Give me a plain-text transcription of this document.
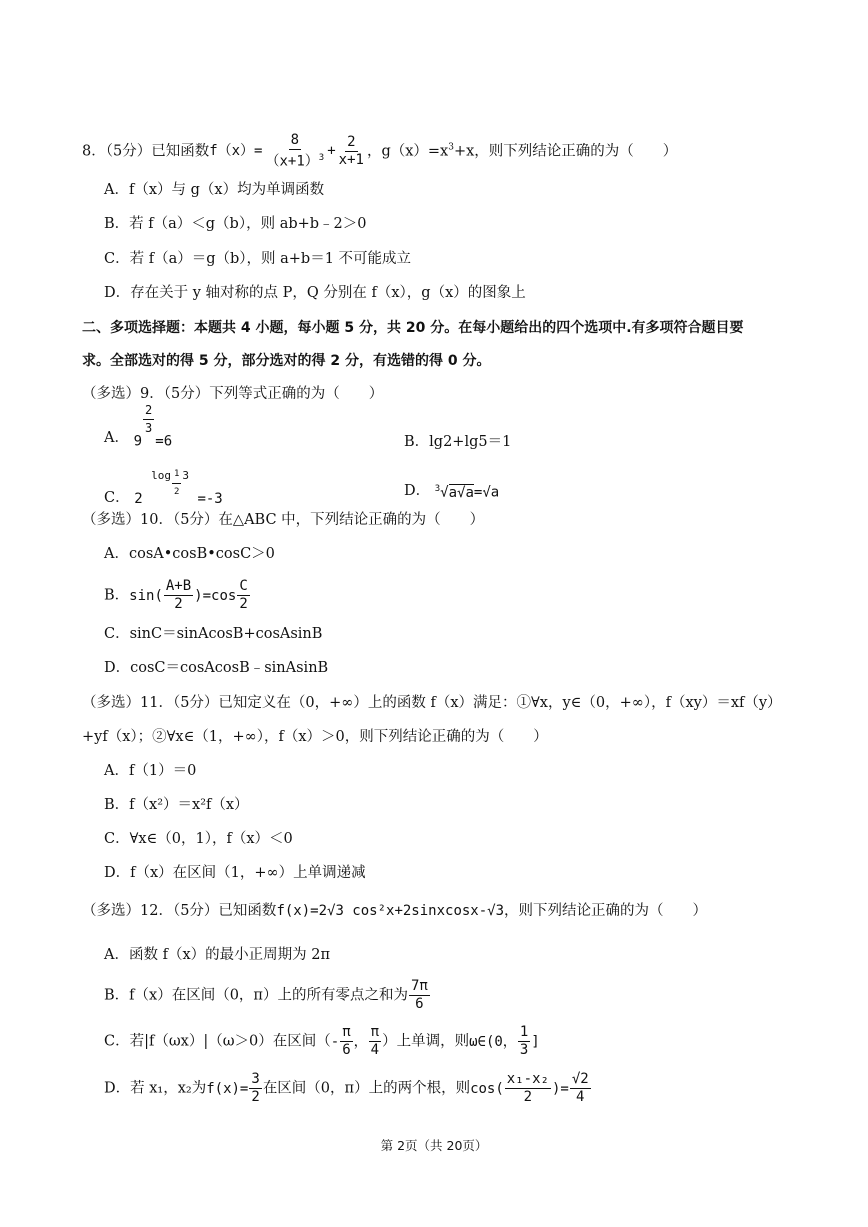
8．（5分）已知函数$f(x)= \frac{8}{(x+1)^3} + \frac{2}{x+1}$ ，$g(x)=x^3+x$，则下列结论正确的为（　　）
A．f（x）与 g（x）均为单调函数
B．若 f（a）＜g（b），则 ab+b﹣2＞0
C．若 f（a）＝g（b），则 a+b＝1 不可能成立
D．存在关于 y 轴对称的点 P，Q 分别在 f（x），g（x）的图象上
二、多项选择题：本题共 4 小题，每小题 5 分，共 20 分。在每小题给出的四个选项中.有多项符合题目要
求。全部选对的得 5 分，部分选对的得 2 分，有选错的得 0 分。
（多选）9．（5分）下列等式正确的为（　　）
A． 9
$\frac{2}{3}$
=6	B．lg2+lg5＝1
C． 2 $\log \frac{1}{2} 3 =-3$	D． $^3$√a√a=√a
（多选）10．（5分）在△ABC 中，下列结论正确的为（　　）
A．cosA•cosB•cosC＞0
B．$\sin( \frac{A+B}{2} )=\cos \frac{C}{2}$
C．sinC＝sinAcosB+cosAsinB
D．cosC＝cosAcosB﹣sinAsinB
（多选）11．（5分）已知定义在（0，+∞）上的函数 f（x）满足：①∀x，y∈（0，+∞），f（xy）＝xf（y）
+yf（x）；②∀x∈（1，+∞），f（x）＞0，则下列结论正确的为（　　）
A．f（1）＝0
B．f（x²）＝x²f（x）
C．∀x∈（0，1），f（x）＜0
D．f（x）在区间（1，+∞）上单调递减
（多选）12．（5分）已知函数f(x)=2√3 cos²x+2sinxcosx-√3，则下列结论正确的为（　　）
A．函数 f（x）的最小正周期为 2π
B．f（x）在区间（0，π）上的所有零点之和为 $\frac{7\pi}{6}$
C．若|f（ωx）|（ω＞0）在区间（- $\frac{\pi}{6}$ ， $\frac{\pi}{4}$ ）上单调，则ω∈(0， $\frac{1}{3}$ ]
D．若 x₁，x₂为$f(x)= \frac{3}{2}$ 在区间（0，π）上的两个根，则$\cos( \frac{\text{x₁-x₂}}{2}$ )= $\frac{√2}{4}$
第 2页（共 20页）
